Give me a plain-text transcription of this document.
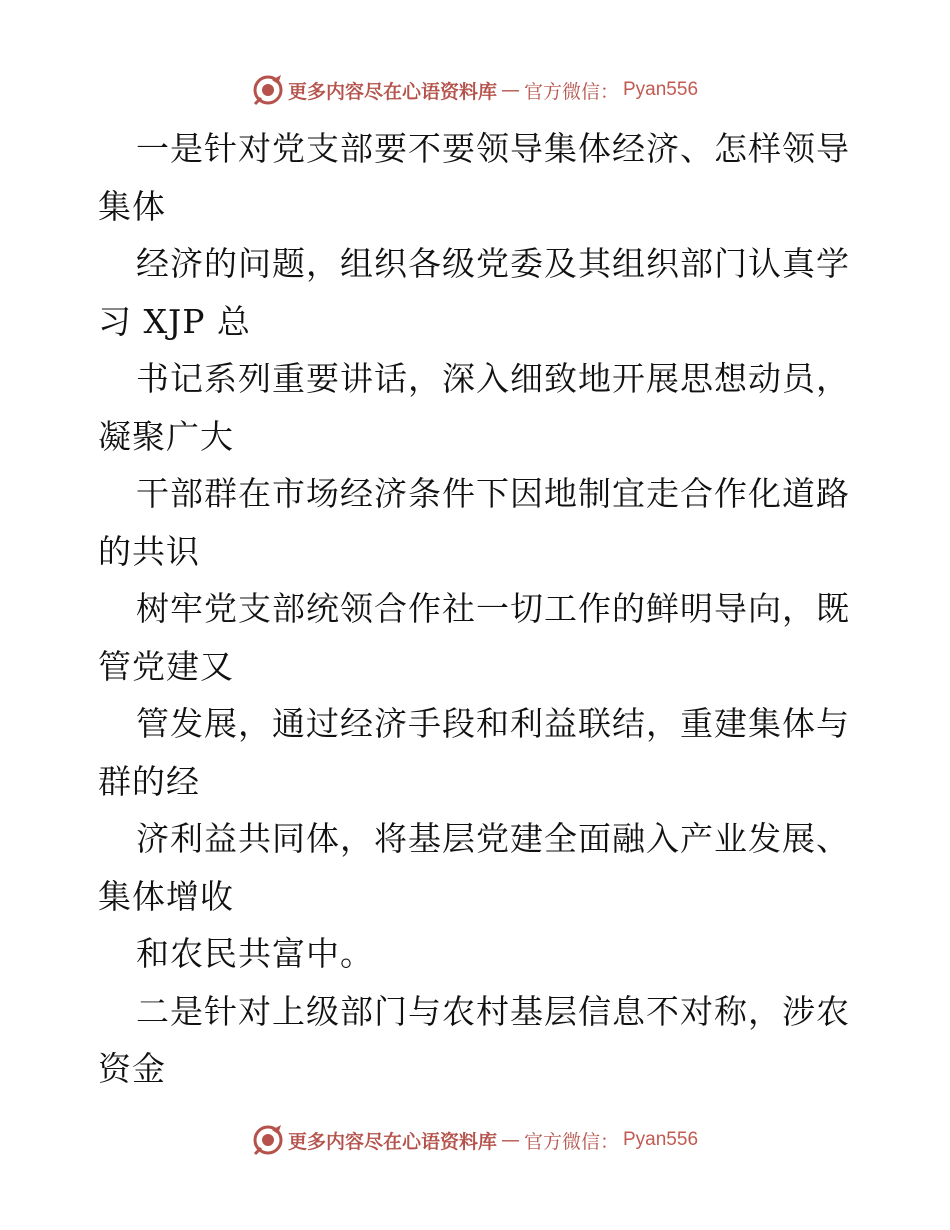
更多内容尽在心语资料库 — 官方微信： Pyan556
一是针对党支部要不要领导集体经济、怎样领导
集体
经济的问题，组织各级党委及其组织部门认真学
习 XJP 总
书记系列重要讲话，深入细致地开展思想动员，
凝聚广大
干部群在市场经济条件下因地制宜走合作化道路
的共识
树牢党支部统领合作社一切工作的鲜明导向，既
管党建又
管发展，通过经济手段和利益联结，重建集体与
群的经
济利益共同体，将基层党建全面融入产业发展、
集体增收
和农民共富中。
二是针对上级部门与农村基层信息不对称，涉农
资金
更多内容尽在心语资料库 — 官方微信： Pyan556
